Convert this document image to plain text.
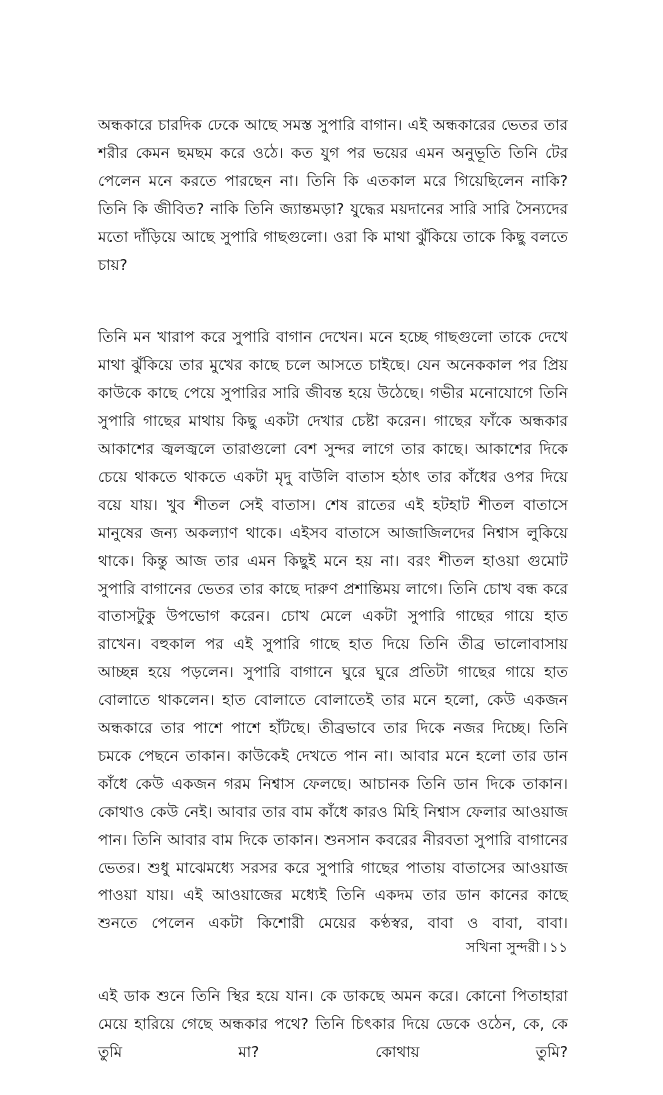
অন্ধকারে চারদিক ঢেকে আছে সমস্ত সুপারি বাগান। এই অন্ধকারের ভেতর তার শরীর কেমন ছমছম করে ওঠে। কত যুগ পর ভয়ের এমন অনুভূতি তিনি টের পেলেন মনে করতে পারছেন না। তিনি কি এতকাল মরে গিয়েছিলেন নাকি? তিনি কি জীবিত? নাকি তিনি জ্যান্তমড়া? যুদ্ধের ময়দানের সারি সারি সৈন্যদের মতো দাঁড়িয়ে আছে সুপারি গাছগুলো। ওরা কি মাথা ঝুঁকিয়ে তাকে কিছু বলতে চায়?

তিনি মন খারাপ করে সুপারি বাগান দেখেন। মনে হচ্ছে গাছগুলো তাকে দেখে মাথা ঝুঁকিয়ে তার মুখের কাছে চলে আসতে চাইছে। যেন অনেককাল পর প্রিয় কাউকে কাছে পেয়ে সুপারির সারি জীবন্ত হয়ে উঠেছে। গভীর মনোযোগে তিনি সুপারি গাছের মাথায় কিছু একটা দেখার চেষ্টা করেন। গাছের ফাঁকে অন্ধকার আকাশের জ্বলজ্বলে তারাগুলো বেশ সুন্দর লাগে তার কাছে। আকাশের দিকে চেয়ে থাকতে থাকতে একটা মৃদু বাউলি বাতাস হঠাৎ তার কাঁধের ওপর দিয়ে বয়ে যায়। খুব শীতল সেই বাতাস। শেষ রাতের এই হটহাট শীতল বাতাসে মানুষের জন্য অকল্যাণ থাকে। এইসব বাতাসে আজাজিলদের নিশ্বাস লুকিয়ে থাকে। কিন্তু আজ তার এমন কিছুই মনে হয় না। বরং শীতল হাওয়া গুমোট সুপারি বাগানের ভেতর তার কাছে দারুণ প্রশান্তিময় লাগে। তিনি চোখ বন্ধ করে বাতাসটুকু উপভোগ করেন। চোখ মেলে একটা সুপারি গাছের গায়ে হাত রাখেন। বহুকাল পর এই সুপারি গাছে হাত দিয়ে তিনি তীব্র ভালোবাসায় আচ্ছন্ন হয়ে পড়লেন। সুপারি বাগানে ঘুরে ঘুরে প্রতিটা গাছের গায়ে হাত বোলাতে থাকলেন। হাত বোলাতে বোলাতেই তার মনে হলো, কেউ একজন অন্ধকারে তার পাশে পাশে হাঁটছে। তীব্রভাবে তার দিকে নজর দিচ্ছে। তিনি চমকে পেছনে তাকান। কাউকেই দেখতে পান না। আবার মনে হলো তার ডান কাঁধে কেউ একজন গরম নিশ্বাস ফেলছে। আচানক তিনি ডান দিকে তাকান। কোথাও কেউ নেই। আবার তার বাম কাঁধে কারও মিহি নিশ্বাস ফেলার আওয়াজ পান। তিনি আবার বাম দিকে তাকান। শুনসান কবরের নীরবতা সুপারি বাগানের ভেতর। শুধু মাঝেমধ্যে সরসর করে সুপারি গাছের পাতায় বাতাসের আওয়াজ পাওয়া যায়। এই আওয়াজের মধ্যেই তিনি একদম তার ডান কানের কাছে শুনতে পেলেন একটা কিশোরী মেয়ের কণ্ঠস্বর, বাবা ও বাবা, বাবা।

এই ডাক শুনে তিনি স্থির হয়ে যান। কে ডাকছে অমন করে। কোনো পিতাহারা মেয়ে হারিয়ে গেছে অন্ধকার পথে? তিনি চিৎকার দিয়ে ডেকে ওঠেন, কে, কে তুমি মা? কোথায় তুমি?

সখিনা সুন্দরী । ১১
